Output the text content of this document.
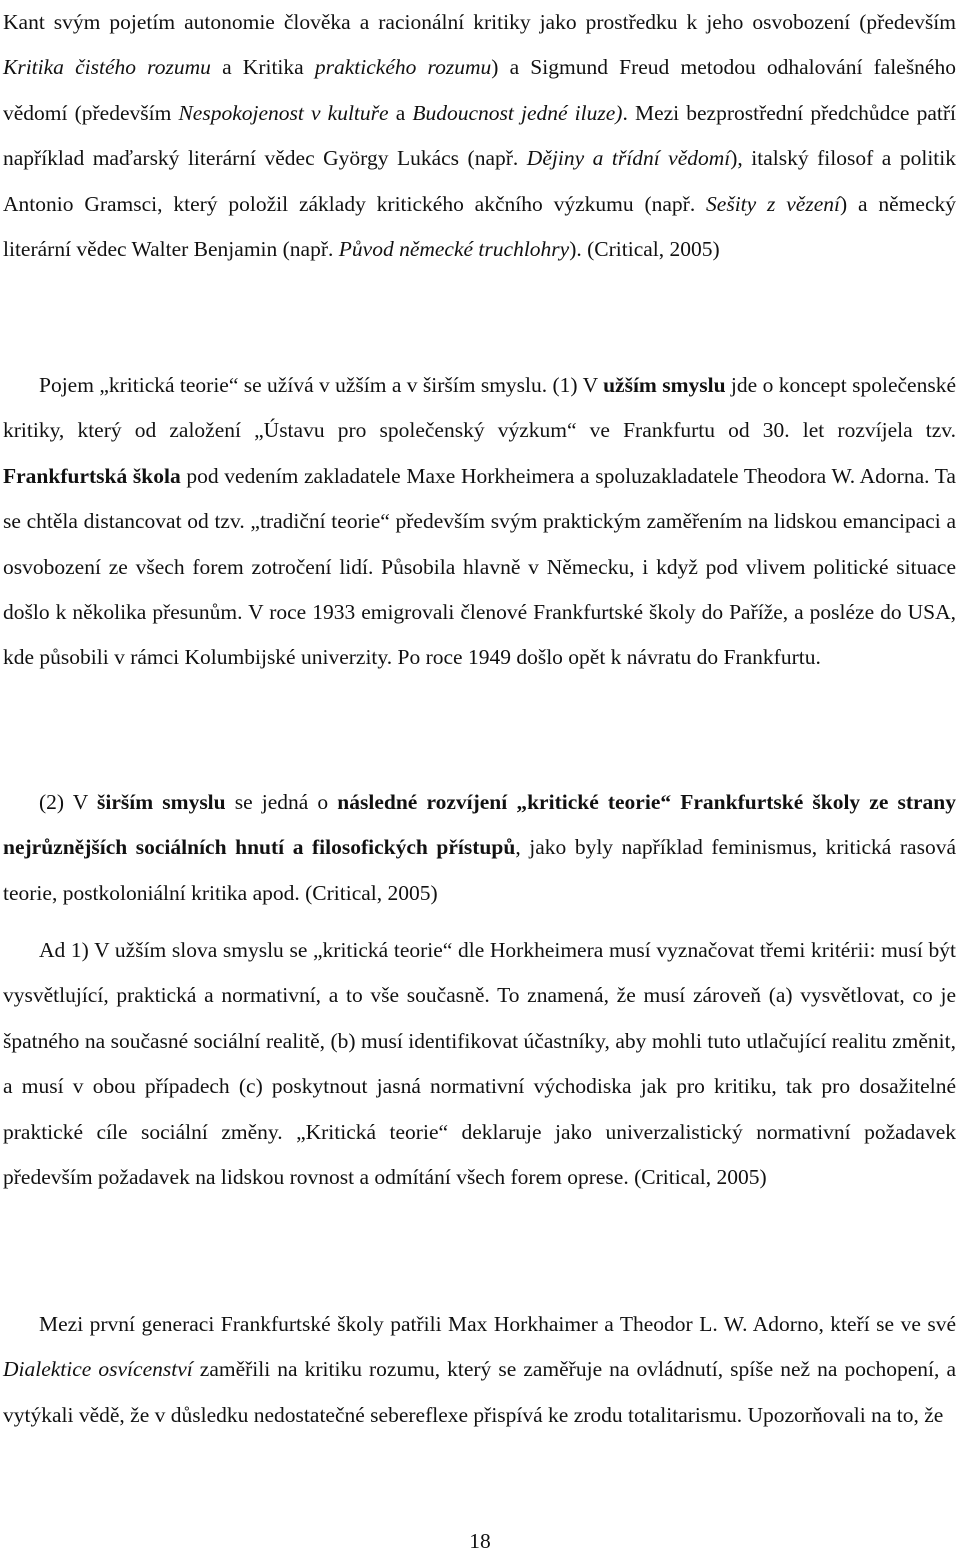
Kant svým pojetím autonomie člověka a racionální kritiky jako prostředku k jeho osvobození (především Kritika čistého rozumu a Kritika praktického rozumu) a Sigmund Freud metodou odhalování falešného vědomí (především Nespokojenost v kultuře a Budoucnost jedné iluze). Mezi bezprostřední předchůdce patří například maďarský literární vědec György Lukács (např. Dějiny a třídní vědomí), italský filosof a politik Antonio Gramsci, který položil základy kritického akčního výzkumu (např. Sešity z vězení) a německý literární vědec Walter Benjamin (např. Původ německé truchlohry). (Critical, 2005)

Pojem „kritická teorie“ se užívá v užším a v širším smyslu. (1) V užším smyslu jde o koncept společenské kritiky, který od založení „Ústavu pro společenský výzkum“ ve Frankfurtu od 30. let rozvíjela tzv. Frankfurtská škola pod vedením zakladatele Maxe Horkheimera a spoluzakladatele Theodora W. Adorna. Ta se chtěla distancovat od tzv. „tradiční teorie“ především svým praktickým zaměřením na lidskou emancipaci a osvobození ze všech forem zotročení lidí. Působila hlavně v Německu, i když pod vlivem politické situace došlo k několika přesunům. V roce 1933 emigrovali členové Frankfurtské školy do Paříže, a posléze do USA, kde působili v rámci Kolumbijské univerzity. Po roce 1949 došlo opět k návratu do Frankfurtu.

(2) V širším smyslu se jedná o následné rozvíjení „kritické teorie“ Frankfurtské školy ze strany nejrůznějších sociálních hnutí a filosofických přístupů, jako byly například feminismus, kritická rasová teorie, postkoloniální kritika apod. (Critical, 2005)

Ad 1) V užším slova smyslu se „kritická teorie“ dle Horkheimera musí vyznačovat třemi kritérii: musí být vysvětlující, praktická a normativní, a to vše současně. To znamená, že musí zároveň (a) vysvětlovat, co je špatného na současné sociální realitě, (b) musí identifikovat účastníky, aby mohli tuto utlačující realitu změnit, a musí v obou případech (c) poskytnout jasná normativní východiska jak pro kritiku, tak pro dosažitelné praktické cíle sociální změny. „Kritická teorie“ deklaruje jako univerzalistický normativní požadavek především požadavek na lidskou rovnost a odmítání všech forem oprese. (Critical, 2005)

Mezi první generaci Frankfurtské školy patřili Max Horkhaimer a Theodor L. W. Adorno, kteří se ve své Dialektice osvícenství zaměřili na kritiku rozumu, který se zaměřuje na ovládnutí, spíše než na pochopení, a vytýkali vědě, že v důsledku nedostatečné sebereflexe přispívá ke zrodu totalitarismu. Upozorňovali na to, že

18
